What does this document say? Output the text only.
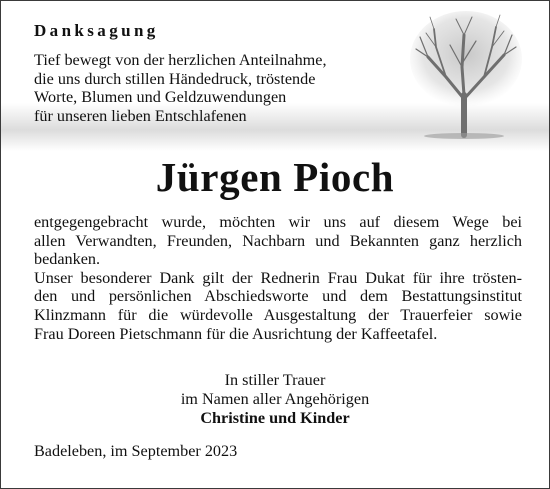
Danksagung
Tief bewegt von der herzlichen Anteilnahme,
die uns durch stillen Händedruck, tröstende
Worte, Blumen und Geldzuwendungen
für unseren lieben Entschlafenen
Jürgen Pioch
entgegengebracht wurde, möchten wir uns auf diesem Wege bei
allen Verwandten, Freunden, Nachbarn und Bekannten ganz herzlich
bedanken.
Unser besonderer Dank gilt der Rednerin Frau Dukat für ihre trösten-
den und persönlichen Abschiedsworte und dem Bestattungsinstitut
Klinzmann für die würdevolle Ausgestaltung der Trauerfeier sowie
Frau Doreen Pietschmann für die Ausrichtung der Kaffeetafel.
In stiller Trauer
im Namen aller Angehörigen
Christine und Kinder
Badeleben, im September 2023
